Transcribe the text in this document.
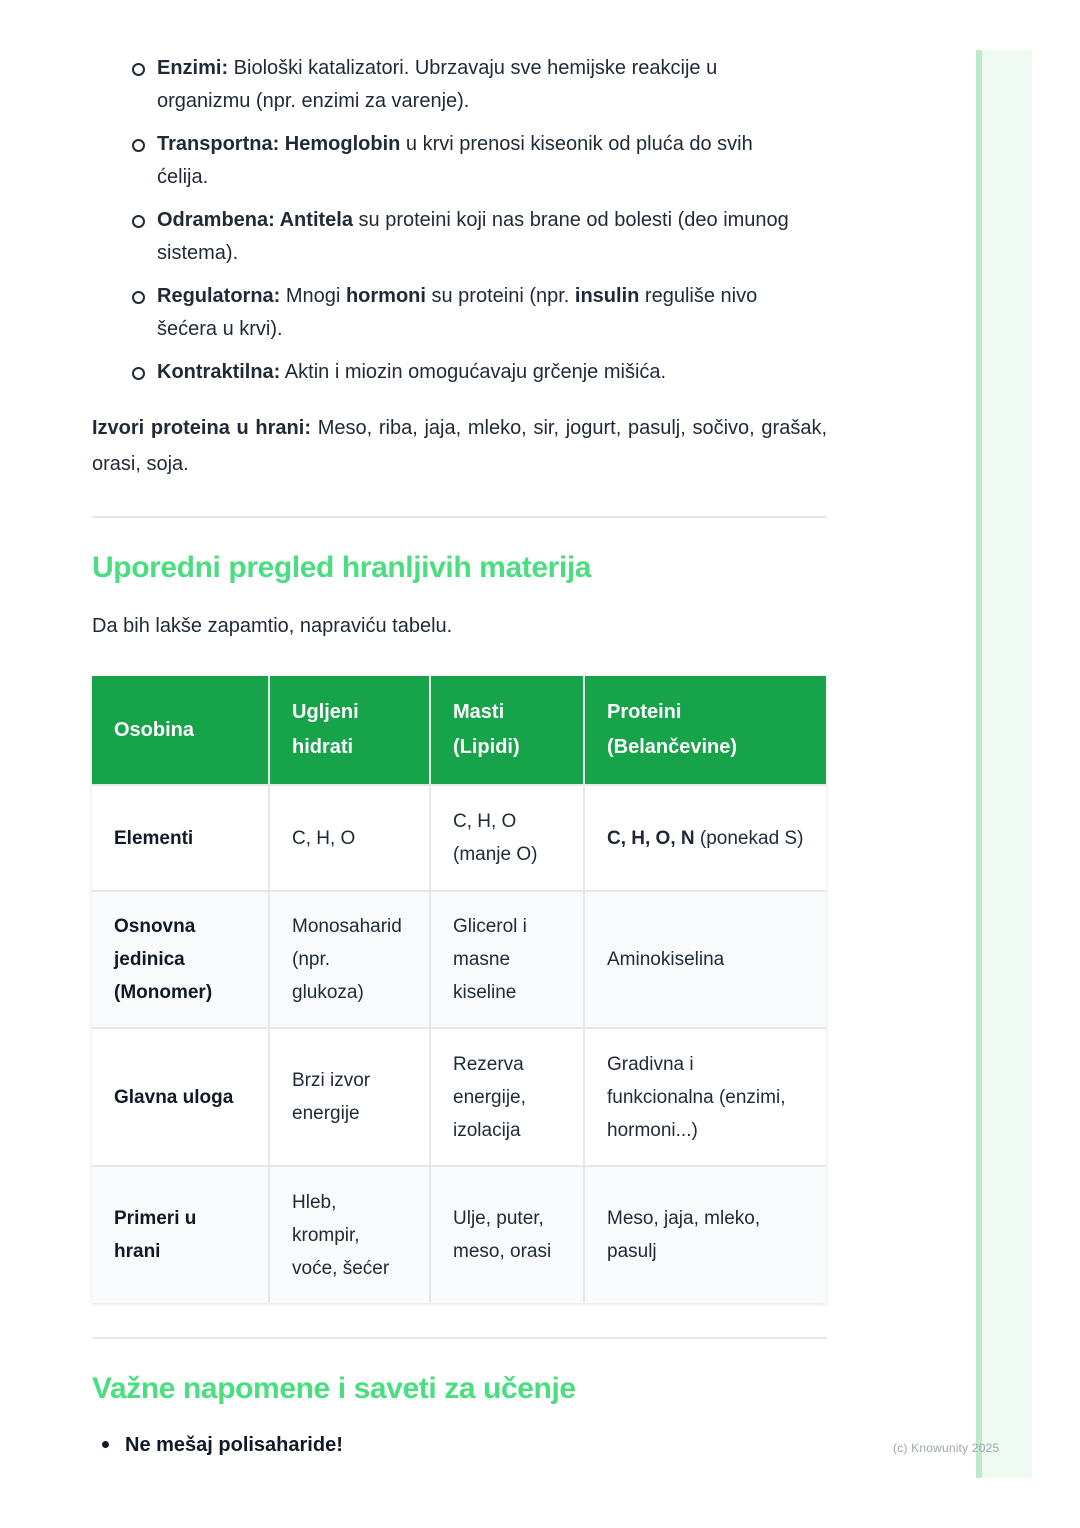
(c) Knowunity 2025
Enzimi: Biološki katalizatori. Ubrzavaju sve hemijske reakcije u organizmu (npr. enzimi za varenje).
Transportna: Hemoglobin u krvi prenosi kiseonik od pluća do svih ćelija.
Odrambena: Antitela su proteini koji nas brane od bolesti (deo imunog sistema).
Regulatorna: Mnogi hormoni su proteini (npr. insulin reguliše nivo šećera u krvi).
Kontraktilna: Aktin i miozin omogućavaju grčenje mišića.

Izvori proteina u hrani: Meso, riba, jaja, mleko, sir, jogurt, pasulj, sočivo, grašak, orasi, soja.

Uporedni pregled hranljivih materija

Da bih lakše zapamtio, napraviću tabelu.

Osobina	Ugljeni hidrati	Masti (Lipidi)	Proteini (Belančevine)
Elementi	C, H, O	C, H, O (manje O)	C, H, O, N (ponekad S)
Osnovna jedinica (Monomer)	Monosaharid (npr. glukoza)	Glicerol i masne kiseline	Aminokiselina
Glavna uloga	Brzi izvor energije	Rezerva energije, izolacija	Gradivna i funkcionalna (enzimi, hormoni...)
Primeri u hrani	Hleb, krompir, voće, šećer	Ulje, puter, meso, orasi	Meso, jaja, mleko, pasulj
Važne napomene i saveti za učenje
Ne mešaj polisaharide!
